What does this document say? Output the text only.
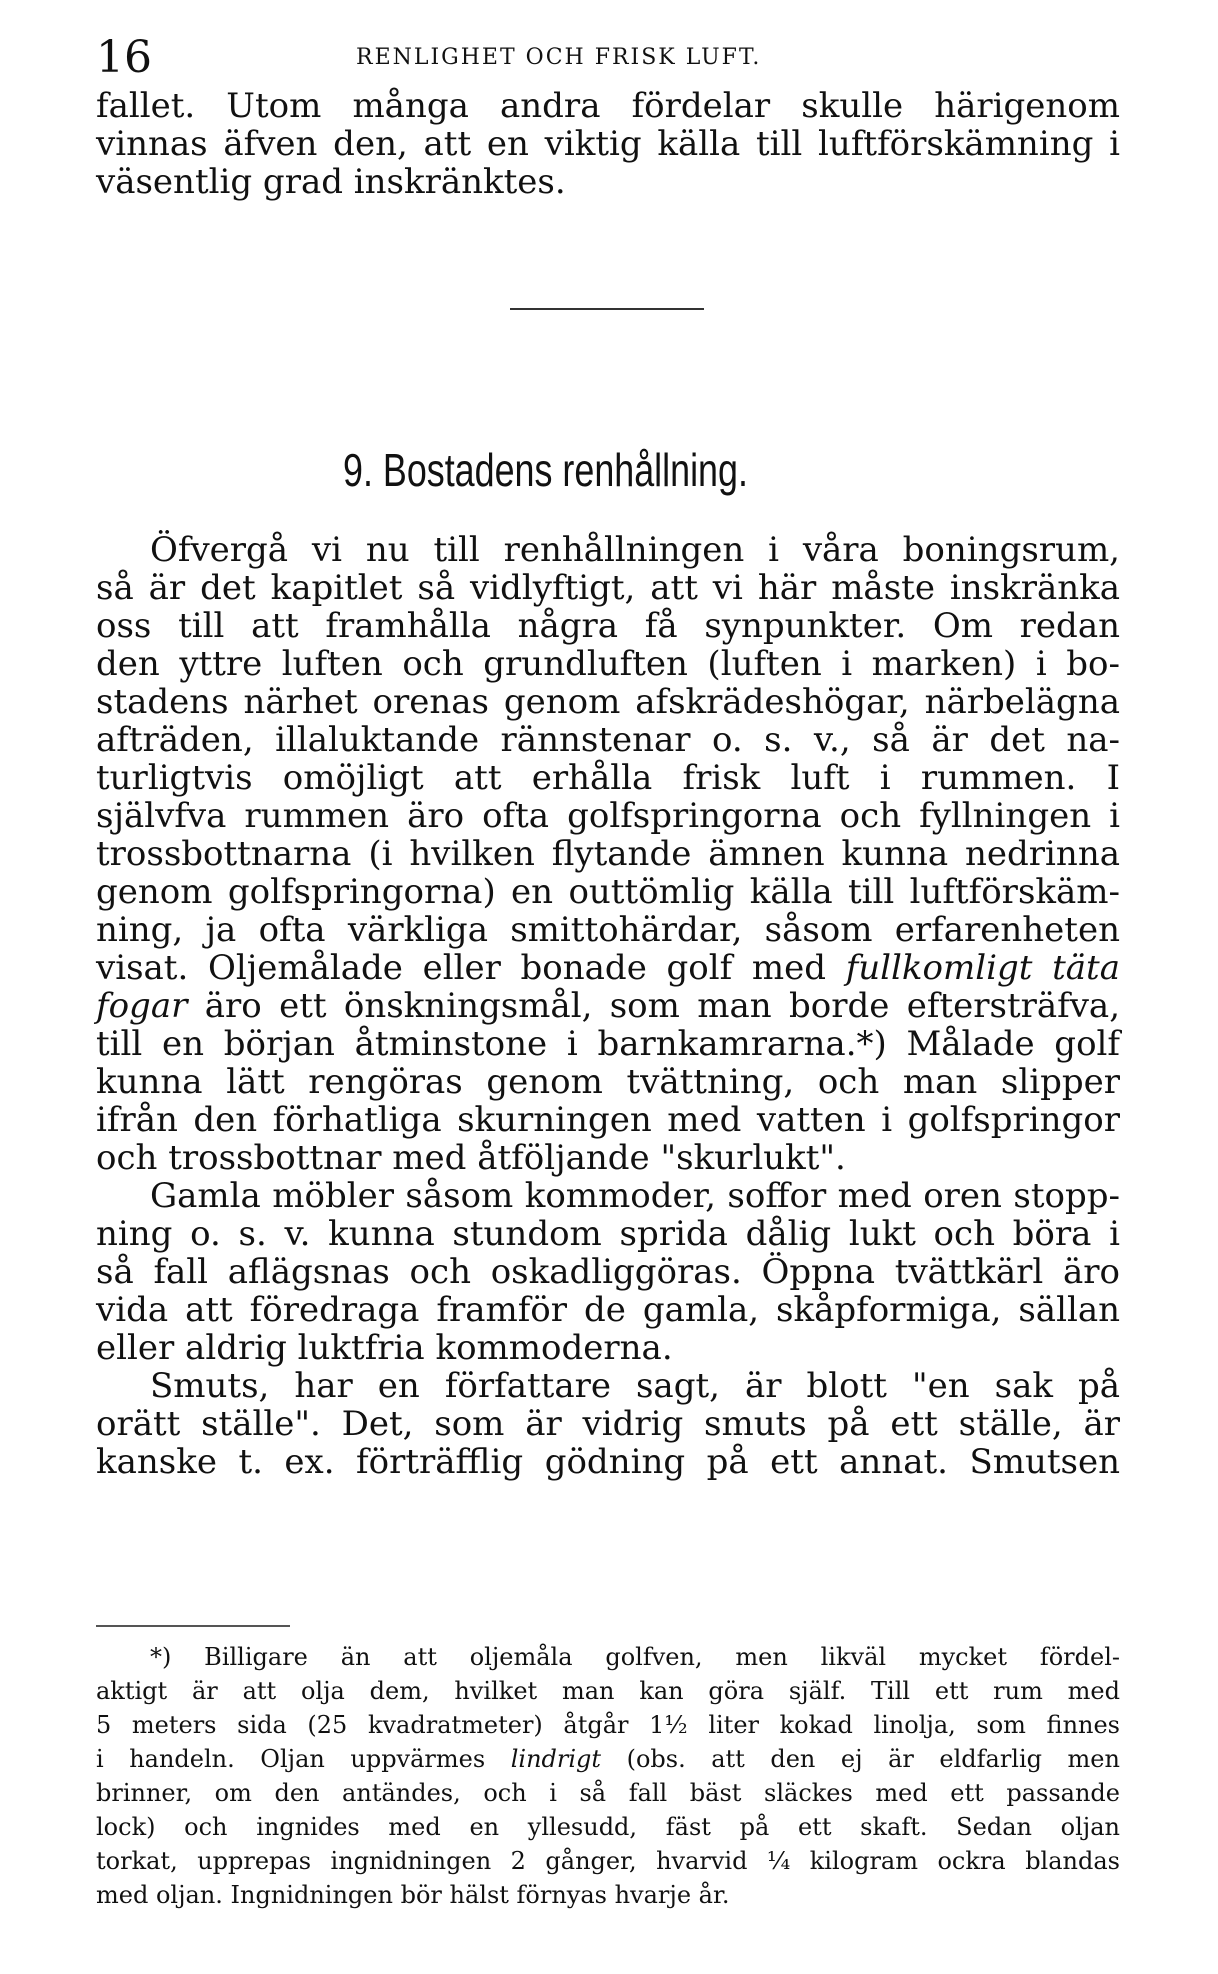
16	RENLIGHET OCH FRISK LUFT.
fallet. Utom många andra fördelar skulle härigenom
vinnas äfven den, att en viktig källa till luftförskämning i
väsentlig grad inskränktes.
9. Bostadens renhållning.
Öfvergå vi nu till renhållningen i våra boningsrum,
så är det kapitlet så vidlyftigt, att vi här måste inskränka
oss till att framhålla några få synpunkter. Om redan
den yttre luften och grundluften (luften i marken) i bo-
stadens närhet orenas genom afskrädeshögar, närbelägna
afträden, illaluktande rännstenar o. s. v., så är det na-
turligtvis omöjligt att erhålla frisk luft i rummen. I
självfva rummen äro ofta golfspringorna och fyllningen i
trossbottnarna (i hvilken flytande ämnen kunna nedrinna
genom golfspringorna) en outtömlig källa till luftförskäm-
ning, ja ofta värkliga smittohärdar, såsom erfarenheten
visat. Oljemålade eller bonade golf med fullkomligt täta
fogar äro ett önskningsmål, som man borde eftersträfva,
till en början åtminstone i barnkamrarna.*) Målade golf
kunna lätt rengöras genom tvättning, och man slipper
ifrån den förhatliga skurningen med vatten i golfspringor
och trossbottnar med åtföljande "skurlukt".
Gamla möbler såsom kommoder, soffor med oren stopp-
ning o. s. v. kunna stundom sprida dålig lukt och böra i
så fall aflägsnas och oskadliggöras. Öppna tvättkärl äro
vida att föredraga framför de gamla, skåpformiga, sällan
eller aldrig luktfria kommoderna.
Smuts, har en författare sagt, är blott "en sak på
orätt ställe". Det, som är vidrig smuts på ett ställe, är
kanske t. ex. förträfflig gödning på ett annat. Smutsen
*) Billigare än att oljemåla golfven, men likväl mycket fördel-
aktigt är att olja dem, hvilket man kan göra själf. Till ett rum med
5 meters sida (25 kvadratmeter) åtgår 1½ liter kokad linolja, som finnes
i handeln. Oljan uppvärmes lindrigt (obs. att den ej är eldfarlig men
brinner, om den antändes, och i så fall bäst släckes med ett passande
lock) och ingnides med en yllesudd, fäst på ett skaft. Sedan oljan
torkat, upprepas ingnidningen 2 gånger, hvarvid ¼ kilogram ockra blandas
med oljan. Ingnidningen bör hälst förnyas hvarje år.
